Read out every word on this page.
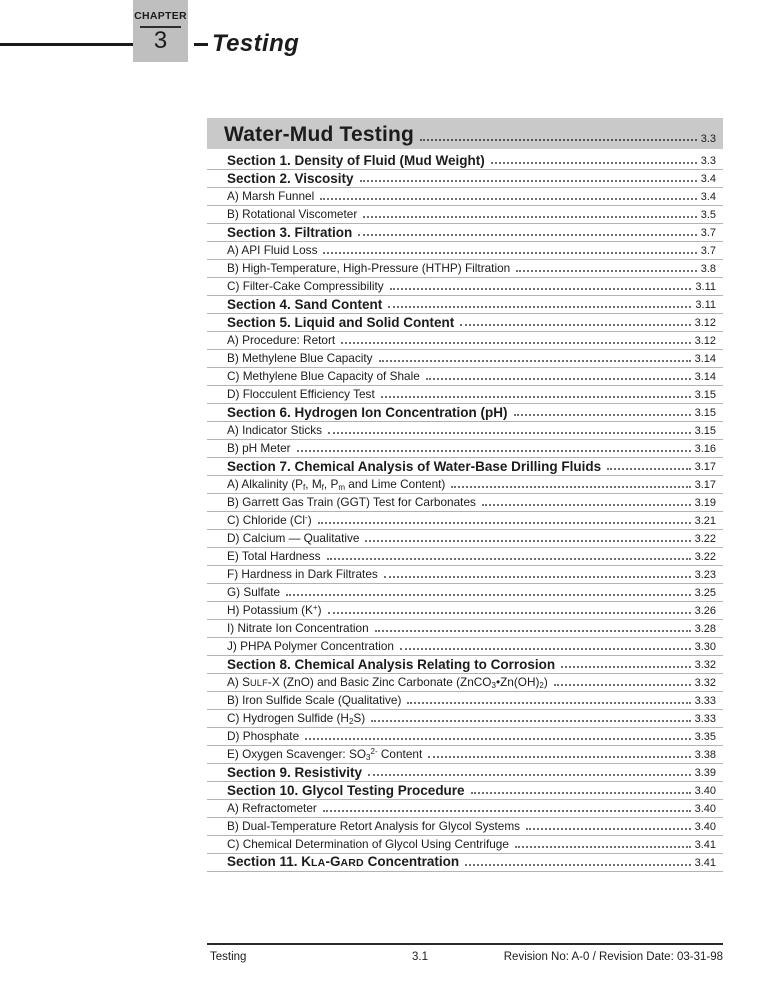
CHAPTER
3 Testing
Water-Mud Testing	3.3
Section 1. Density of Fluid (Mud Weight)	3.3
Section 2. Viscosity	3.4
A) Marsh Funnel	3.4
B) Rotational Viscometer	3.5
Section 3. Filtration	3.7
A) API Fluid Loss	3.7
B) High-Temperature, High-Pressure (HTHP) Filtration	3.8
C) Filter-Cake Compressibility	3.11
Section 4. Sand Content	3.11
Section 5. Liquid and Solid Content	3.12
A) Procedure: Retort	3.12
B) Methylene Blue Capacity	3.14
C) Methylene Blue Capacity of Shale	3.14
D) Flocculent Efficiency Test	3.15
Section 6. Hydrogen Ion Concentration (pH)	3.15
A) Indicator Sticks	3.15
B) pH Meter	3.16
Section 7. Chemical Analysis of Water-Base Drilling Fluids	3.17
A) Alkalinity ($P_f$, $M_f$, $P_m$ and Lime Content)	3.17
B) Garrett Gas Train (GGT) Test for Carbonates	3.19
C) Chloride (Cl-)	3.21
D) Calcium — Qualitative	3.22
E) Total Hardness	3.22
F) Hardness in Dark Filtrates	3.23
G) Sulfate	3.25
H) Potassium (K+)	3.26
I) Nitrate Ion Concentration	3.28
J) PHPA Polymer Concentration	3.30
Section 8. Chemical Analysis Relating to Corrosion	3.32
A) SULF-X (ZnO) and Basic Zinc Carbonate $(ZnCO_3•Zn(OH)_2)$	3.32
B) Iron Sulfide Scale (Qualitative)	3.33
C) Hydrogen Sulfide $(H_2S)$	3.33
D) Phosphate	3.35
E) Oxygen Scavenger: $SO_3^{2-}$ Content	3.38
Section 9. Resistivity	3.39
Section 10. Glycol Testing Procedure	3.40
A) Refractometer	3.40
B) Dual-Temperature Retort Analysis for Glycol Systems	3.40
C) Chemical Determination of Glycol Using Centrifuge	3.41
Section 11. KLA-GARD Concentration	3.41
Testing	3.1	Revision No: A-0 / Revision Date: 03-31-98
